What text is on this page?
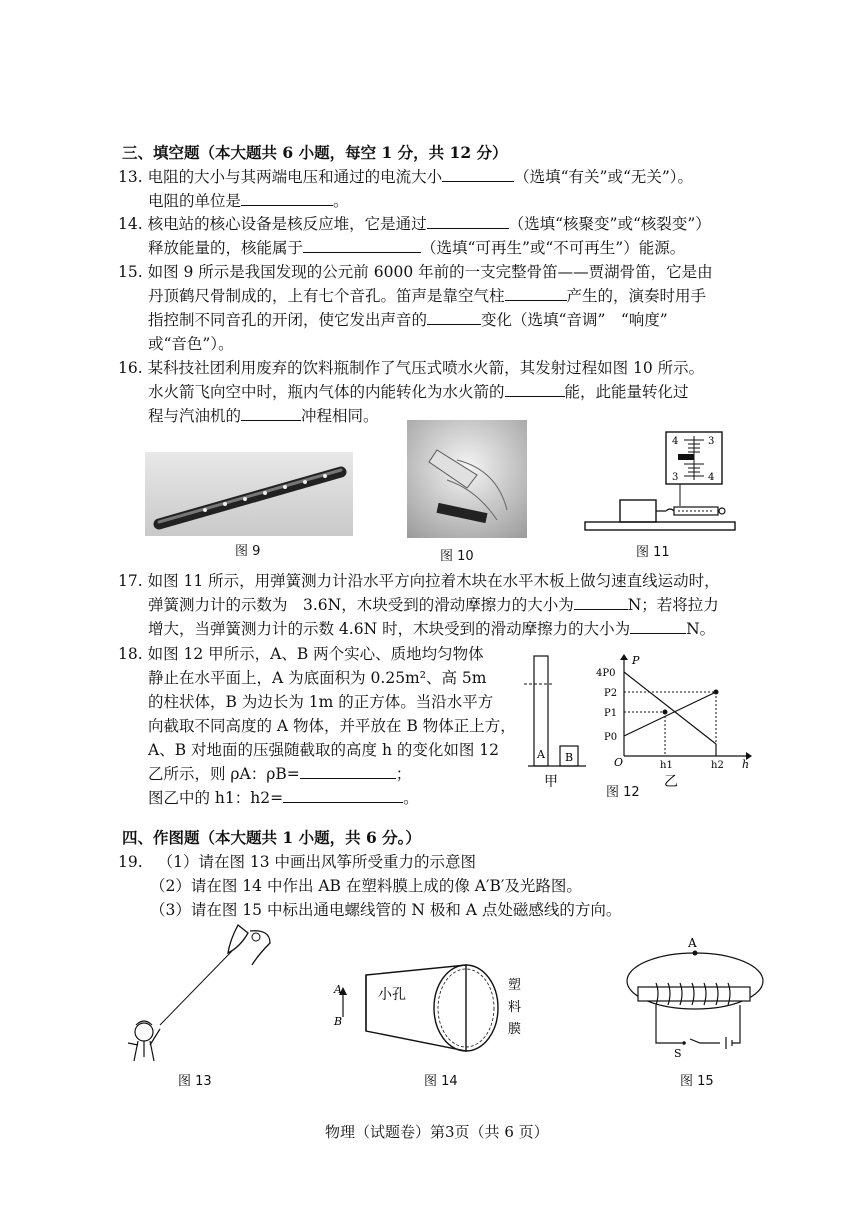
三、填空题（本大题共 6 小题，每空 1 分，共 12 分）
13. 电阻的大小与其两端电压和通过的电流大小	（选填“有关”或“无关”）。
电阻的单位是	。
14. 核电站的核心设备是核反应堆，它是通过	（选填“核聚变”或“核裂变”）
释放能量的，核能属于	（选填“可再生”或“不可再生”）能源。
15. 如图 9 所示是我国发现的公元前 6000 年前的一支完整骨笛——贾湖骨笛，它是由
丹顶鹤尺骨制成的，上有七个音孔。笛声是靠空气柱	产生的，演奏时用手
指控制不同音孔的开闭，使它发出声音的	变化（选填“音调”　“响度”
或“音色”）。
16. 某科技社团利用废弃的饮料瓶制作了气压式喷水火箭，其发射过程如图 10 所示。
水火箭飞向空中时，瓶内气体的内能转化为水火箭的	能，此能量转化过
程与汽油机的	冲程相同。
图 9	图 10
4	3
3	4
图 11
17. 如图 11 所示，用弹簧测力计沿水平方向拉着木块在水平木板上做匀速直线运动时，
弹簧测力计的示数为　3.6N，木块受到的滑动摩擦力的大小为	N；若将拉力
增大，当弹簧测力计的示数 4.6N 时，木块受到的滑动摩擦力的大小为	N。
18. 如图 12 甲所示，A、B 两个实心、质地均匀物体
静止在水平面上，A 为底面积为 0.25m²、高 5m
的柱状体，B 为边长为 1m 的正方体。当沿水平方
向截取不同高度的 A 物体，并平放在 B 物体正上方，
A、B 对地面的压强随截取的高度 h 的变化如图 12
乙所示，则 ρA：ρB=	；
图乙中的 h1：h2=	。
A B
甲
P
h
O
4P0
P2
P1
P0
h1	h2
乙
图 12
四、作图题（本大题共 1 小题，共 6 分。）
19. （1）请在图 13 中画出风筝所受重力的示意图
（2）请在图 14 中作出 AB 在塑料膜上成的像 A′B′及光路图。
（3）请在图 15 中标出通电螺线管的 N 极和 A 点处磁感线的方向。
图 13
A
B
小孔
塑
料
膜
图 14
A
S
图 15
物理（试题卷）第3页（共 6 页）
